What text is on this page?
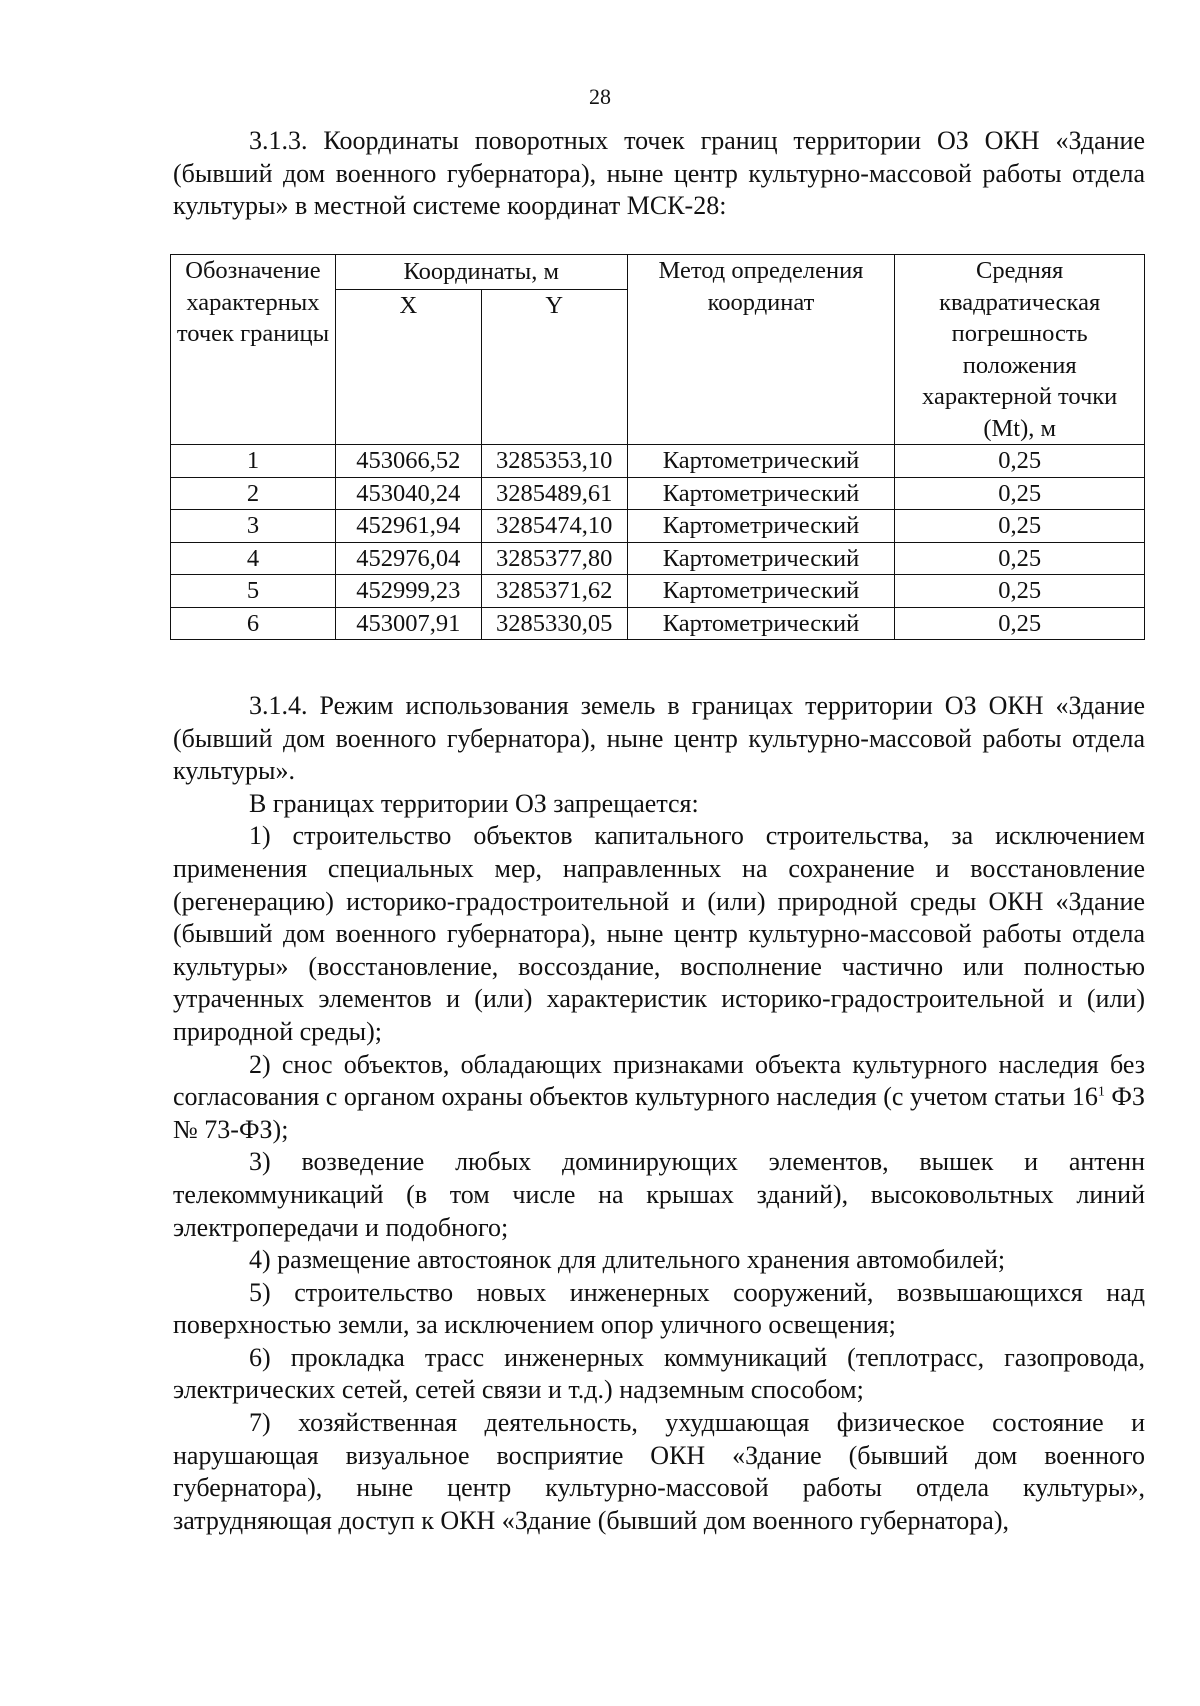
28

3.1.3. Координаты поворотных точек границ территории ОЗ ОКН «Здание (бывший дом военного губернатора), ныне центр культурно-массовой работы отдела культуры» в местной системе координат МСК-28:

Обозначение характерных точек границы	Координаты, м		Метод определения координат	Средняя квадратическая погрешность положения характерной точки (Mt), м
	X	Y		
1	453066,52	3285353,10	Картометрический	0,25
2	453040,24	3285489,61	Картометрический	0,25
3	452961,94	3285474,10	Картометрический	0,25
4	452976,04	3285377,80	Картометрический	0,25
5	452999,23	3285371,62	Картометрический	0,25
6	453007,91	3285330,05	Картометрический	0,25

3.1.4. Режим использования земель в границах территории ОЗ ОКН «Здание (бывший дом военного губернатора), ныне центр культурно-массовой работы отдела культуры».

В границах территории ОЗ запрещается:

1) строительство объектов капитального строительства, за исключением применения специальных мер, направленных на сохранение и восстановление (регенерацию) историко-градостроительной и (или) природной среды ОКН «Здание (бывший дом военного губернатора), ныне центр культурно-массовой работы отдела культуры» (восстановление, воссоздание, восполнение частично или полностью утраченных элементов и (или) характеристик историко-градостроительной и (или) природной среды);

2) снос объектов, обладающих признаками объекта культурного наследия без согласования с органом охраны объектов культурного наследия (с учетом статьи $16^1$ ФЗ № 73-ФЗ);

3) возведение любых доминирующих элементов, вышек и антенн телекоммуникаций (в том числе на крышах зданий), высоковольтных линий электропередачи и подобного;

4) размещение автостоянок для длительного хранения автомобилей;

5) строительство новых инженерных сооружений, возвышающихся над поверхностью земли, за исключением опор уличного освещения;

6) прокладка трасс инженерных коммуникаций (теплотрасс, газопровода, электрических сетей, сетей связи и т.д.) надземным способом;

7) хозяйственная деятельность, ухудшающая физическое состояние и нарушающая визуальное восприятие ОКН «Здание (бывший дом военного губернатора), ныне центр культурно-массовой работы отдела культуры», затрудняющая доступ к ОКН «Здание (бывший дом военного губернатора),
